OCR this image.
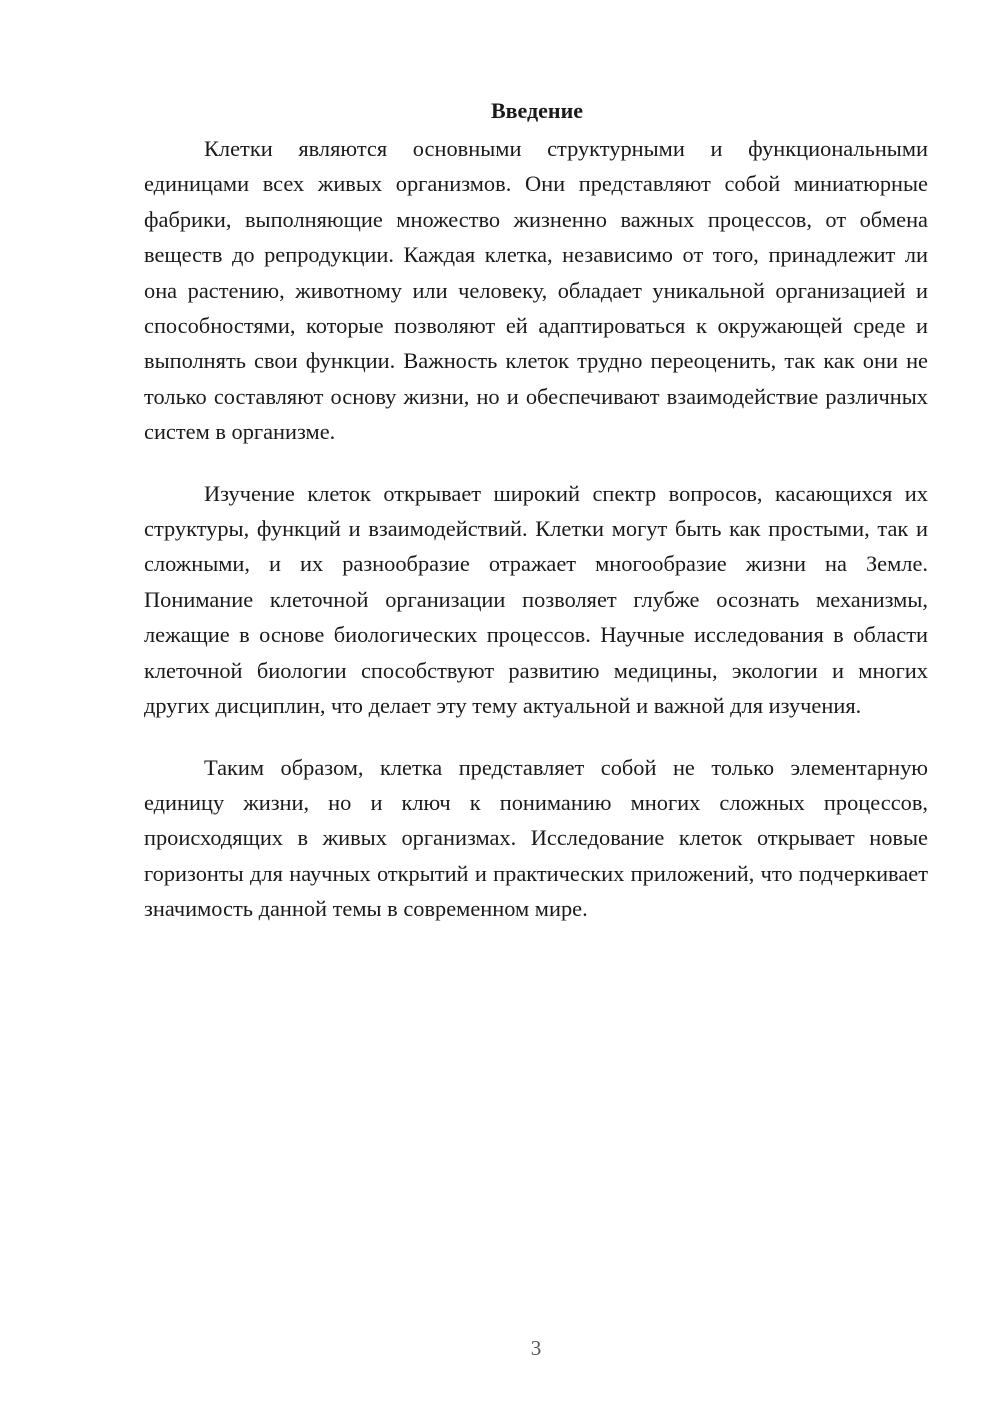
Введение

Клетки являются основными структурными и функциональными единицами всех живых организмов. Они представляют собой миниатюрные фабрики, выполняющие множество жизненно важных процессов, от обмена веществ до репродукции. Каждая клетка, независимо от того, принадлежит ли она растению, животному или человеку, обладает уникальной организацией и способностями, которые позволяют ей адаптироваться к окружающей среде и выполнять свои функции. Важность клеток трудно переоценить, так как они не только составляют основу жизни, но и обеспечивают взаимодействие различных систем в организме.

Изучение клеток открывает широкий спектр вопросов, касающихся их структуры, функций и взаимодействий. Клетки могут быть как простыми, так и сложными, и их разнообразие отражает многообразие жизни на Земле. Понимание клеточной организации позволяет глубже осознать механизмы, лежащие в основе биологических процессов. Научные исследования в области клеточной биологии способствуют развитию медицины, экологии и многих других дисциплин, что делает эту тему актуальной и важной для изучения.

Таким образом, клетка представляет собой не только элементарную единицу жизни, но и ключ к пониманию многих сложных процессов, происходящих в живых организмах. Исследование клеток открывает новые горизонты для научных открытий и практических приложений, что подчеркивает значимость данной темы в современном мире.

3
